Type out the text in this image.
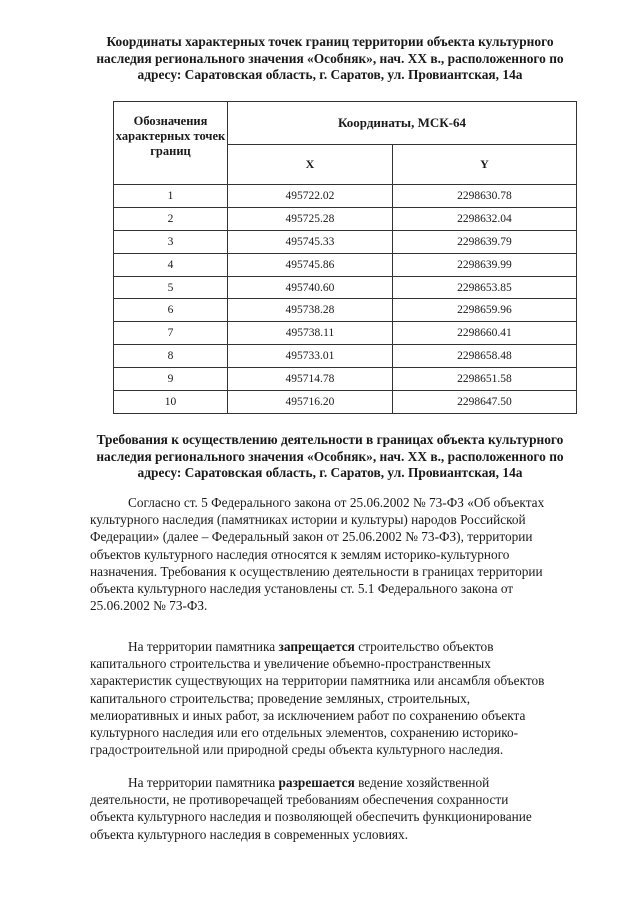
Координаты характерных точек границ территории объекта культурного
наследия регионального значения «Особняк», нач. XX в., расположенного по
адресу: Саратовская область, г. Саратов, ул. Провиантская, 14а
Обозначения характерных точек границ	Координаты, МСК-64	
	X	Y
1	495722.02	2298630.78
2	495725.28	2298632.04
3	495745.33	2298639.79
4	495745.86	2298639.99
5	495740.60	2298653.85
6	495738.28	2298659.96
7	495738.11	2298660.41
8	495733.01	2298658.48
9	495714.78	2298651.58
10	495716.20	2298647.50
Требования к осуществлению деятельности в границах объекта культурного
наследия регионального значения «Особняк», нач. XX в., расположенного по
адресу: Саратовская область, г. Саратов, ул. Провиантская, 14а
Согласно ст. 5 Федерального закона от 25.06.2002 № 73-ФЗ «Об объектах
культурного наследия (памятниках истории и культуры) народов Российской
Федерации» (далее – Федеральный закон от 25.06.2002 № 73-ФЗ), территории
объектов культурного наследия относятся к землям историко-культурного
назначения. Требования к осуществлению деятельности в границах территории
объекта культурного наследия установлены ст. 5.1 Федерального закона от
25.06.2002 № 73-ФЗ.
На территории памятника запрещается строительство объектов
капитального строительства и увеличение объемно-пространственных
характеристик существующих на территории памятника или ансамбля объектов
капитального строительства; проведение земляных, строительных,
мелиоративных и иных работ, за исключением работ по сохранению объекта
культурного наследия или его отдельных элементов, сохранению историко-
градостроительной или природной среды объекта культурного наследия.
На территории памятника разрешается ведение хозяйственной
деятельности, не противоречащей требованиям обеспечения сохранности
объекта культурного наследия и позволяющей обеспечить функционирование
объекта культурного наследия в современных условиях.
